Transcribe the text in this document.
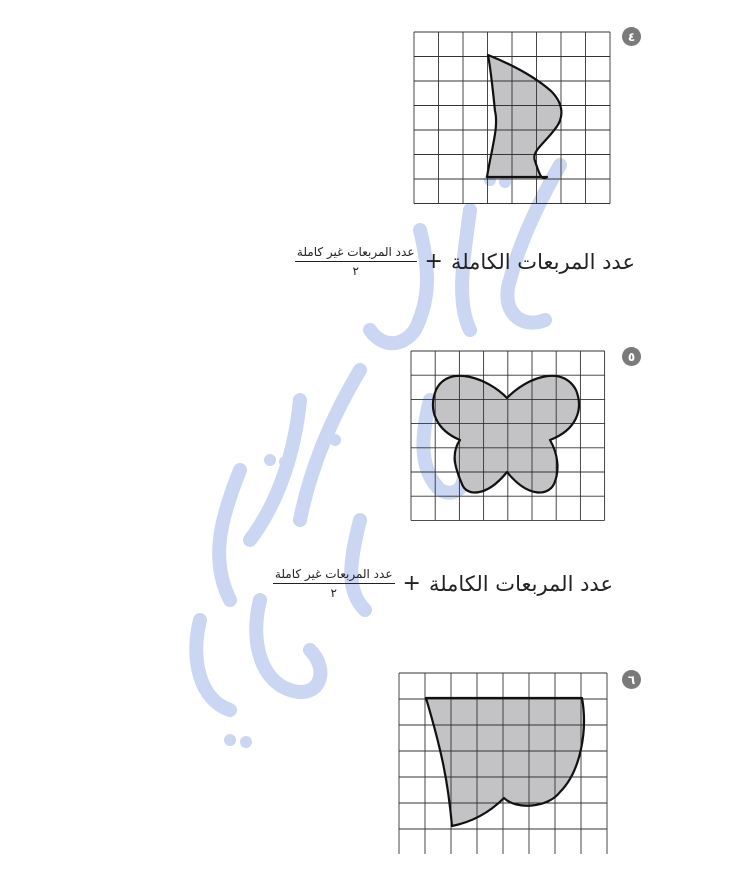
٤
$\frac{\text{عدد المربعات غير كاملة}}{٢}$ + عدد المربعات الكاملة
٥
$\frac{\text{عدد المربعات غير كاملة}}{٢}$ + عدد المربعات الكاملة
٦
